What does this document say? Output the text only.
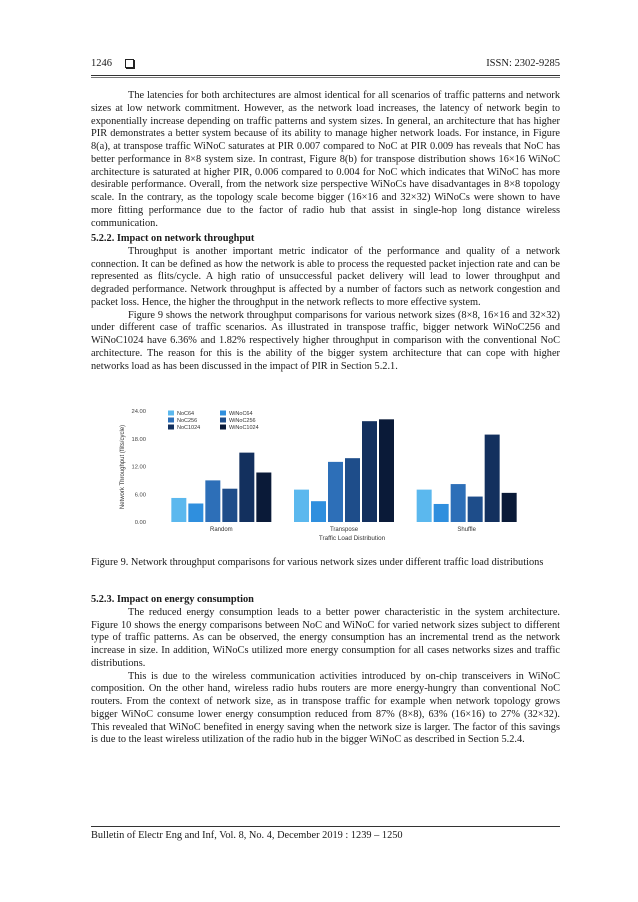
1246	ISSN: 2302-9285

The latencies for both architectures are almost identical for all scenarios of traffic patterns and network sizes at low network commitment. However, as the network load increases, the latency of network begin to exponentially increase depending on traffic patterns and system sizes. In general, an architecture that has higher PIR demonstrates a better system because of its ability to manage higher network loads. For instance, in Figure 8(a), at transpose traffic WiNoC saturates at PIR 0.007 compared to NoC at PIR 0.009 has reveals that NoC has better performance in 8×8 system size. In contrast, Figure 8(b) for transpose distribution shows 16×16 WiNoC architecture is saturated at higher PIR, 0.006 compared to 0.004 for NoC which indicates that WiNoC has more desirable performance. Overall, from the network size perspective WiNoCs have disadvantages in 8×8 topology scale. In the contrary, as the topology scale become bigger (16×16 and 32×32) WiNoCs were shown to have more fitting performance due to the factor of radio hub that assist in single-hop long distance wireless communication.

5.2.2. Impact on network throughput

Throughput is another important metric indicator of the performance and quality of a network connection. It can be defined as how the network is able to process the requested packet injection rate and can be represented as flits/cycle. A high ratio of unsuccessful packet delivery will lead to lower throughput and degraded performance. Network throughput is affected by a number of factors such as network congestion and packet loss. Hence, the higher the throughput in the network reflects to more effective system.

Figure 9 shows the network throughput comparisons for various network sizes (8×8, 16×16 and 32×32) under different case of traffic scenarios. As illustrated in transpose traffic, bigger network WiNoC256 and WiNoC1024 have 6.36% and 1.82% respectively higher throughput in comparison with the conventional NoC architecture. The reason for this is the ability of the bigger system architecture that can cope with higher networks load as has been discussed in the impact of PIR in Section 5.2.1.

NoC64	WiNoC64
NoC256	WiNoC256
NoC1024	WiNoC1024
0.00
6.00
12.00
18.00
24.00
Random	Transpose	Shuffle
Network Throughput (flits/cycle)
Traffic Load Distribution
Figure 9. Network throughput comparisons for various network sizes under different traffic load distributions
5.2.3. Impact on energy consumption

The reduced energy consumption leads to a better power characteristic in the system architecture. Figure 10 shows the energy comparisons between NoC and WiNoC for varied network sizes subject to different type of traffic patterns. As can be observed, the energy consumption has an incremental trend as the network increase in size. In addition, WiNoCs utilized more energy consumption for all cases networks sizes and traffic distributions.

This is due to the wireless communication activities introduced by on-chip transceivers in WiNoC composition. On the other hand, wireless radio hubs routers are more energy-hungry than conventional NoC routers. From the context of network size, as in transpose traffic for example when network topology grows bigger WiNoC consume lower energy consumption reduced from 87% (8×8), 63% (16×16) to 27% (32×32). This revealed that WiNoC benefited in energy saving when the network size is larger. The factor of this savings is due to the least wireless utilization of the radio hub in the bigger WiNoC as described in Section 5.2.4.

Bulletin of Electr Eng and Inf, Vol. 8, No. 4, December 2019 : 1239 – 1250
